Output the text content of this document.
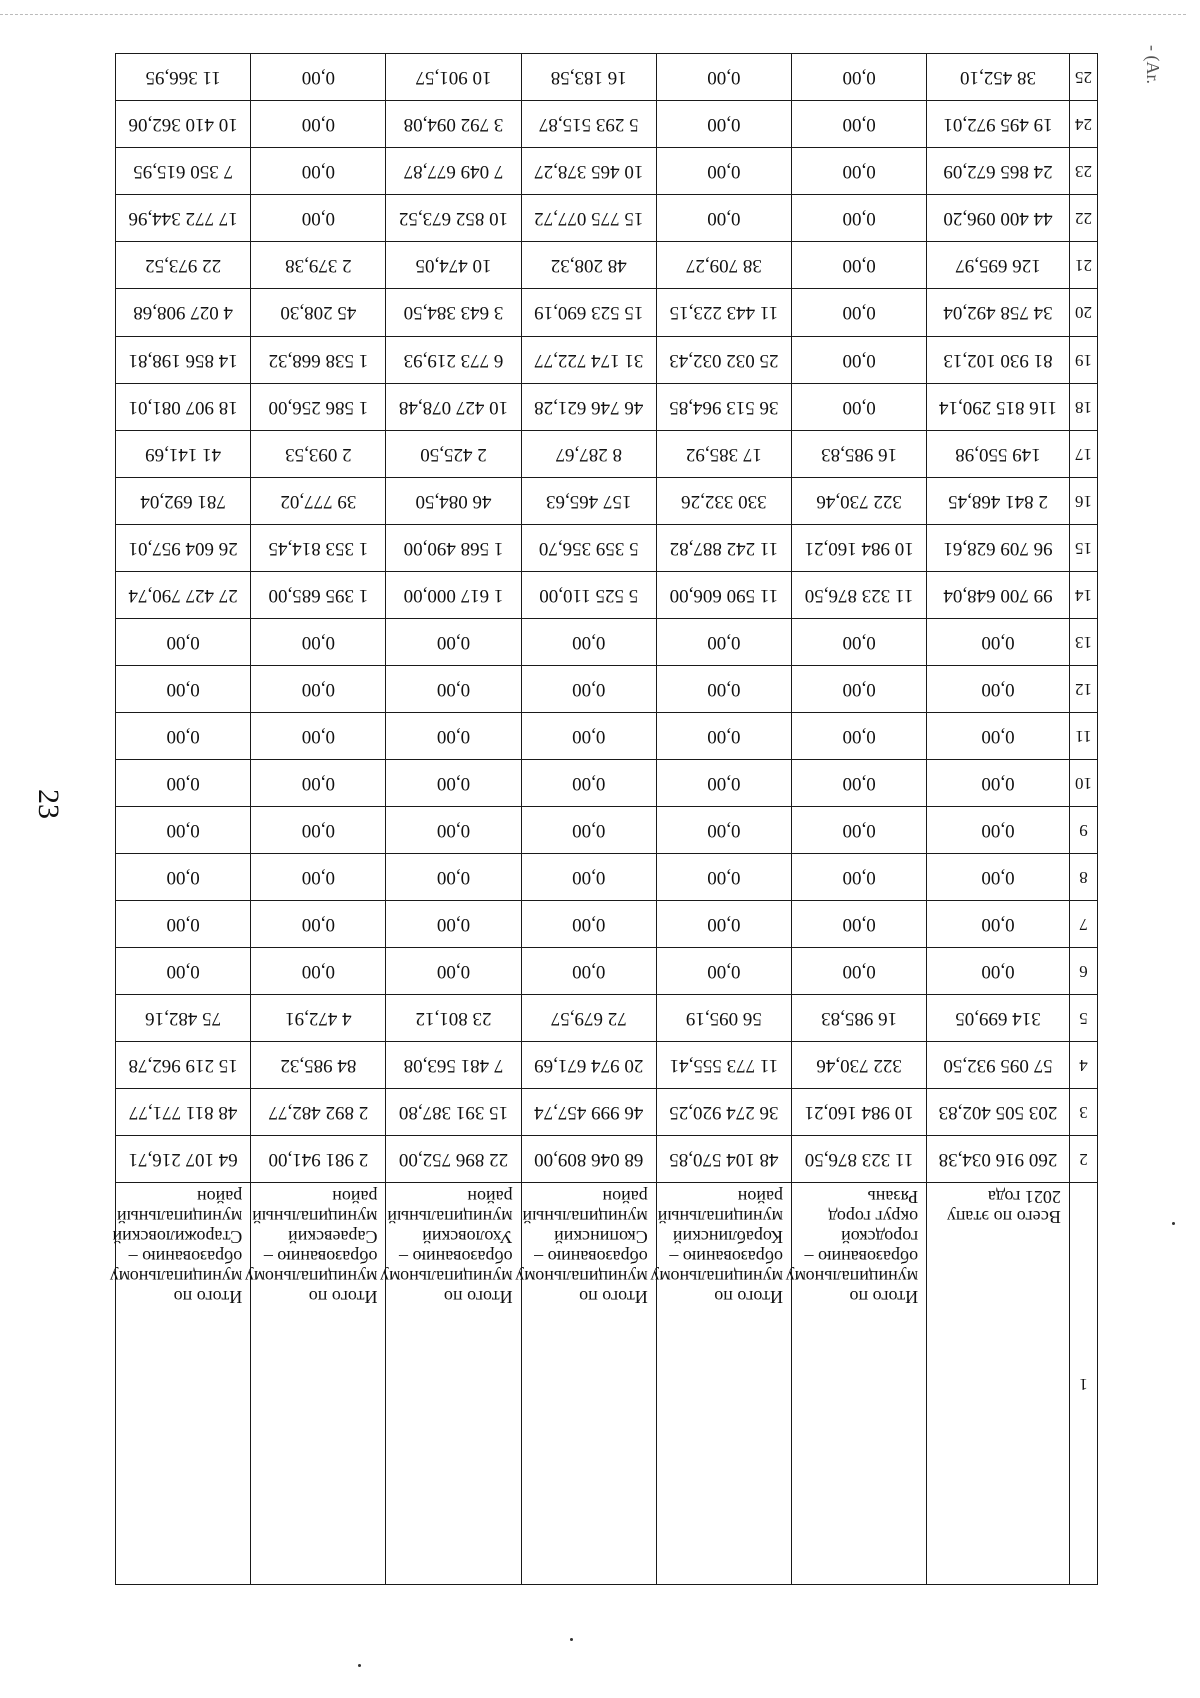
- (Ar.
23
1	Всего по этапу 2021 года	Итого по муниципальному образованию – городской округ город Рязань	Итого по муниципальному образованию – Кораблинский муниципальный район	Итого по муниципальному образованию – Скопинский муниципальный район	Итого по муниципальному образованию – Ухоловский муниципальный район	Итого по муниципальному образованию – Сараевский муниципальный район	Итого по муниципальному образованию – Старожиловский муниципальный район
2	260 916 034,38	11 323 876,50	48 104 570,85	68 046 809,00	22 896 752,00	2 981 941,00	64 107 216,71
3	203 505 402,83	10 984 160,21	36 274 920,25	46 999 457,74	15 391 387,80	2 892 482,77	48 811 771,77
4	57 095 932,50	322 730,46	11 773 555,41	20 974 671,69	7 481 563,08	84 985,32	15 219 962,78
5	314 699,05	16 985,83	56 095,19	72 679,57	23 801,12	4 472,91	75 482,16
6	0,00	0,00	0,00	0,00	0,00	0,00	0,00
7	0,00	0,00	0,00	0,00	0,00	0,00	0,00
8	0,00	0,00	0,00	0,00	0,00	0,00	0,00
9	0,00	0,00	0,00	0,00	0,00	0,00	0,00
10	0,00	0,00	0,00	0,00	0,00	0,00	0,00
11	0,00	0,00	0,00	0,00	0,00	0,00	0,00
12	0,00	0,00	0,00	0,00	0,00	0,00	0,00
13	0,00	0,00	0,00	0,00	0,00	0,00	0,00
14	99 700 648,04	11 323 876,50	11 590 606,00	5 525 110,00	1 617 000,00	1 395 685,00	27 427 790,74
15	96 709 628,61	10 984 160,21	11 242 887,82	5 359 356,70	1 568 490,00	1 353 814,45	26 604 957,01
16	2 841 468,45	322 730,46	330 332,26	157 465,63	46 084,50	39 777,02	781 692,04
17	149 550,98	16 985,83	17 385,92	8 287,67	2 425,50	2 093,53	41 141,69
18	116 815 290,14	0,00	36 513 964,85	46 746 621,28	10 427 078,48	1 586 256,00	18 907 081,01
19	81 930 102,13	0,00	25 032 032,43	31 174 722,77	6 773 219,93	1 538 668,32	14 856 198,81
20	34 758 492,04	0,00	11 443 223,15	15 523 690,19	3 643 384,50	45 208,30	4 027 908,68
21	126 695,97	0,00	38 709,27	48 208,32	10 474,05	2 379,38	22 973,52
22	44 400 096,20	0,00	0,00	15 775 077,72	10 852 673,52	0,00	17 772 344,96
23	24 865 672,09	0,00	0,00	10 465 378,27	7 049 677,87	0,00	7 350 615,95
24	19 495 972,01	0,00	0,00	5 293 515,87	3 792 094,08	0,00	10 410 362,06
25	38 452,10	0,00	0,00	16 183,58	10 901,57	0,00	11 366,95
